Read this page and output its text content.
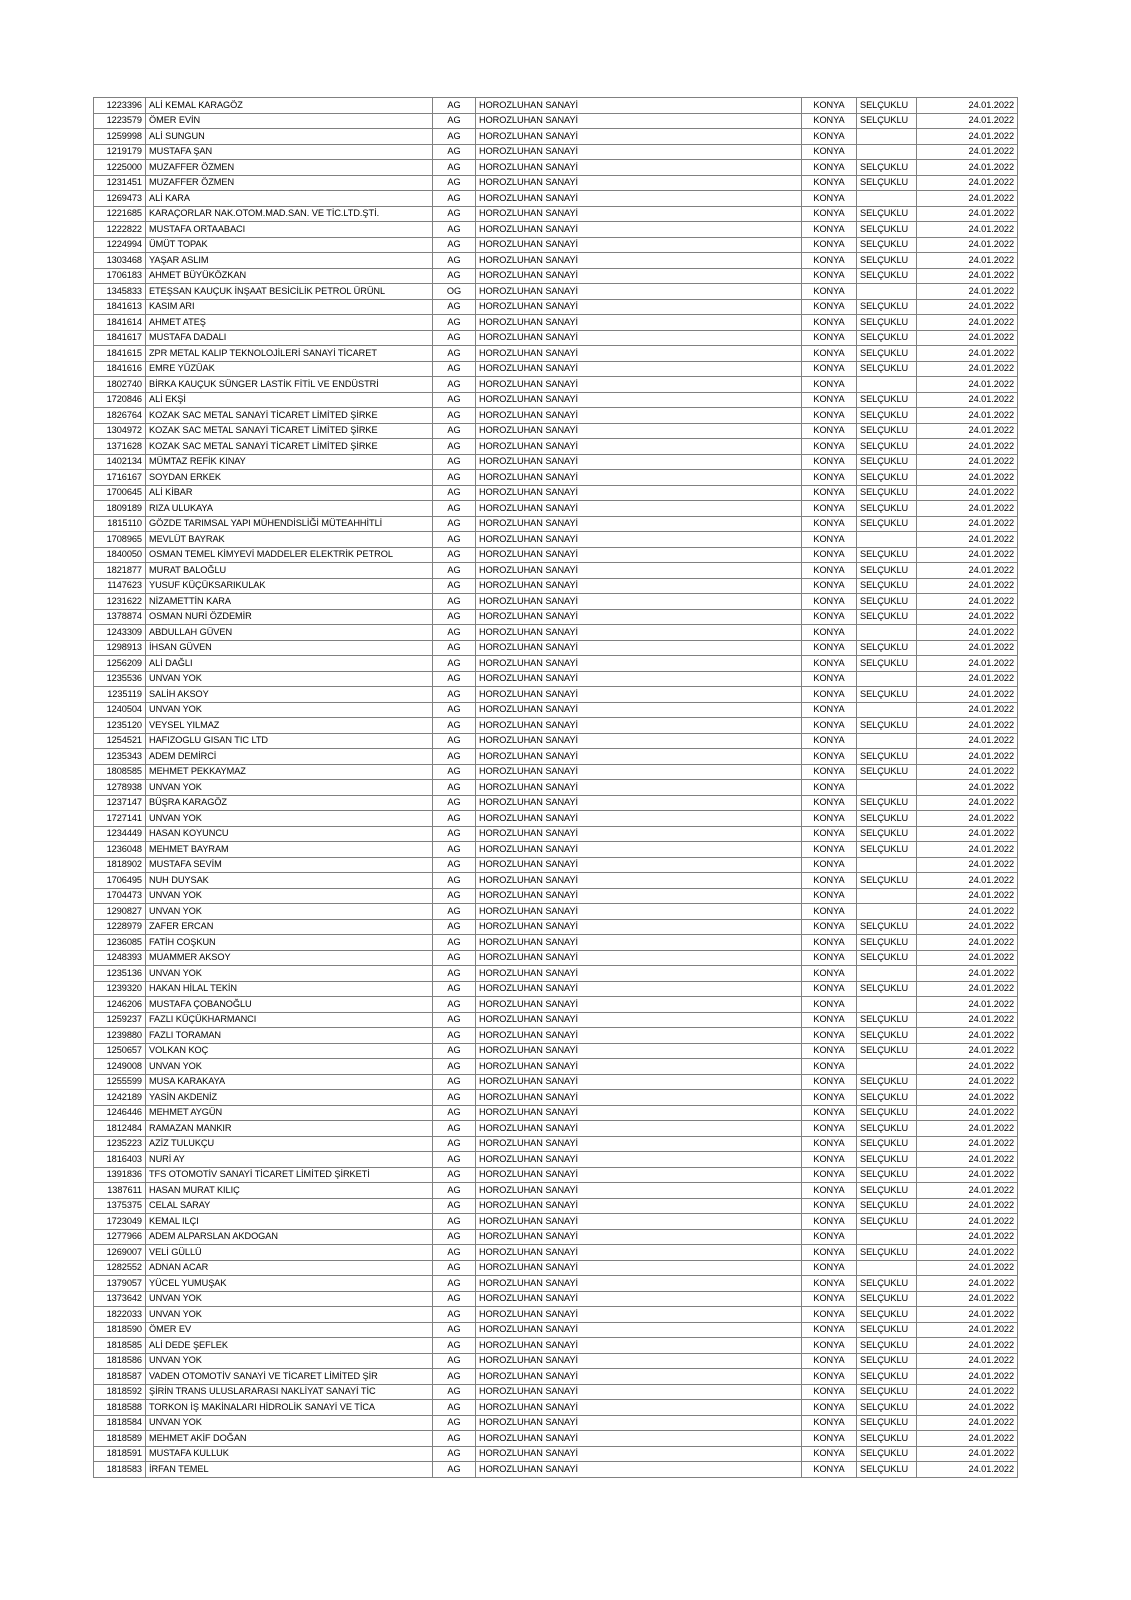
1223396	ALİ KEMAL KARAGÖZ	AG	HOROZLUHAN SANAYİ	KONYA	SELÇUKLU	24.01.2022
1223579	ÖMER EVİN	AG	HOROZLUHAN SANAYİ	KONYA	SELÇUKLU	24.01.2022
1259998	ALİ SUNGUN	AG	HOROZLUHAN SANAYİ	KONYA		24.01.2022
1219179	MUSTAFA ŞAN	AG	HOROZLUHAN SANAYİ	KONYA		24.01.2022
1225000	MUZAFFER ÖZMEN	AG	HOROZLUHAN SANAYİ	KONYA	SELÇUKLU	24.01.2022
1231451	MUZAFFER ÖZMEN	AG	HOROZLUHAN SANAYİ	KONYA	SELÇUKLU	24.01.2022
1269473	ALİ KARA	AG	HOROZLUHAN SANAYİ	KONYA		24.01.2022
1221685	KARAÇORLAR NAK.OTOM.MAD.SAN. VE TİC.LTD.ŞTİ.	AG	HOROZLUHAN SANAYİ	KONYA	SELÇUKLU	24.01.2022
1222822	MUSTAFA ORTAABACI	AG	HOROZLUHAN SANAYİ	KONYA	SELÇUKLU	24.01.2022
1224994	ÜMÜT TOPAK	AG	HOROZLUHAN SANAYİ	KONYA	SELÇUKLU	24.01.2022
1303468	YAŞAR ASLIM	AG	HOROZLUHAN SANAYİ	KONYA	SELÇUKLU	24.01.2022
1706183	AHMET BÜYÜKÖZKAN	AG	HOROZLUHAN SANAYİ	KONYA	SELÇUKLU	24.01.2022
1345833	ETEŞSAN KAUÇUK İNŞAAT BESİCİLİK PETROL ÜRÜNL	OG	HOROZLUHAN SANAYİ	KONYA		24.01.2022
1841613	KASIM ARI	AG	HOROZLUHAN SANAYİ	KONYA	SELÇUKLU	24.01.2022
1841614	AHMET ATEŞ	AG	HOROZLUHAN SANAYİ	KONYA	SELÇUKLU	24.01.2022
1841617	MUSTAFA DADALI	AG	HOROZLUHAN SANAYİ	KONYA	SELÇUKLU	24.01.2022
1841615	ZPR METAL KALIP TEKNOLOJİLERİ SANAYİ TİCARET	AG	HOROZLUHAN SANAYİ	KONYA	SELÇUKLU	24.01.2022
1841616	EMRE YÜZÜAK	AG	HOROZLUHAN SANAYİ	KONYA	SELÇUKLU	24.01.2022
1802740	BİRKA KAUÇUK SÜNGER LASTİK FİTİL VE ENDÜSTRİ	AG	HOROZLUHAN SANAYİ	KONYA		24.01.2022
1720846	ALİ EKŞİ	AG	HOROZLUHAN SANAYİ	KONYA	SELÇUKLU	24.01.2022
1826764	KOZAK SAC METAL SANAYİ TİCARET LİMİTED ŞİRKE	AG	HOROZLUHAN SANAYİ	KONYA	SELÇUKLU	24.01.2022
1304972	KOZAK SAC METAL SANAYİ TİCARET LİMİTED ŞİRKE	AG	HOROZLUHAN SANAYİ	KONYA	SELÇUKLU	24.01.2022
1371628	KOZAK SAC METAL SANAYİ TİCARET LİMİTED ŞİRKE	AG	HOROZLUHAN SANAYİ	KONYA	SELÇUKLU	24.01.2022
1402134	MÜMTAZ REFİK KINAY	AG	HOROZLUHAN SANAYİ	KONYA	SELÇUKLU	24.01.2022
1716167	SOYDAN ERKEK	AG	HOROZLUHAN SANAYİ	KONYA	SELÇUKLU	24.01.2022
1700645	ALİ KİBAR	AG	HOROZLUHAN SANAYİ	KONYA	SELÇUKLU	24.01.2022
1809189	RIZA ULUKAYA	AG	HOROZLUHAN SANAYİ	KONYA	SELÇUKLU	24.01.2022
1815110	GÖZDE TARIMSAL YAPI MÜHENDİSLİĞİ MÜTEAHHİTLİ	AG	HOROZLUHAN SANAYİ	KONYA	SELÇUKLU	24.01.2022
1708965	MEVLÜT BAYRAK	AG	HOROZLUHAN SANAYİ	KONYA		24.01.2022
1840050	OSMAN TEMEL KİMYEVİ MADDELER ELEKTRİK PETROL	AG	HOROZLUHAN SANAYİ	KONYA	SELÇUKLU	24.01.2022
1821877	MURAT BALOĞLU	AG	HOROZLUHAN SANAYİ	KONYA	SELÇUKLU	24.01.2022
1147623	YUSUF KÜÇÜKSARIKULAK	AG	HOROZLUHAN SANAYİ	KONYA	SELÇUKLU	24.01.2022
1231622	NİZAMETTİN KARA	AG	HOROZLUHAN SANAYİ	KONYA	SELÇUKLU	24.01.2022
1378874	OSMAN NURİ ÖZDEMİR	AG	HOROZLUHAN SANAYİ	KONYA	SELÇUKLU	24.01.2022
1243309	ABDULLAH GÜVEN	AG	HOROZLUHAN SANAYİ	KONYA		24.01.2022
1298913	İHSAN GÜVEN	AG	HOROZLUHAN SANAYİ	KONYA	SELÇUKLU	24.01.2022
1256209	ALİ DAĞLI	AG	HOROZLUHAN SANAYİ	KONYA	SELÇUKLU	24.01.2022
1235536	UNVAN YOK	AG	HOROZLUHAN SANAYİ	KONYA		24.01.2022
1235119	SALİH AKSOY	AG	HOROZLUHAN SANAYİ	KONYA	SELÇUKLU	24.01.2022
1240504	UNVAN YOK	AG	HOROZLUHAN SANAYİ	KONYA		24.01.2022
1235120	VEYSEL YILMAZ	AG	HOROZLUHAN SANAYİ	KONYA	SELÇUKLU	24.01.2022
1254521	HAFIZOGLU GISAN TIC LTD	AG	HOROZLUHAN SANAYİ	KONYA		24.01.2022
1235343	ADEM DEMİRCİ	AG	HOROZLUHAN SANAYİ	KONYA	SELÇUKLU	24.01.2022
1808585	MEHMET PEKKAYMAZ	AG	HOROZLUHAN SANAYİ	KONYA	SELÇUKLU	24.01.2022
1278938	UNVAN YOK	AG	HOROZLUHAN SANAYİ	KONYA		24.01.2022
1237147	BÜŞRA KARAGÖZ	AG	HOROZLUHAN SANAYİ	KONYA	SELÇUKLU	24.01.2022
1727141	UNVAN YOK	AG	HOROZLUHAN SANAYİ	KONYA	SELÇUKLU	24.01.2022
1234449	HASAN KOYUNCU	AG	HOROZLUHAN SANAYİ	KONYA	SELÇUKLU	24.01.2022
1236048	MEHMET BAYRAM	AG	HOROZLUHAN SANAYİ	KONYA	SELÇUKLU	24.01.2022
1818902	MUSTAFA SEVİM	AG	HOROZLUHAN SANAYİ	KONYA		24.01.2022
1706495	NUH DUYSAK	AG	HOROZLUHAN SANAYİ	KONYA	SELÇUKLU	24.01.2022
1704473	UNVAN YOK	AG	HOROZLUHAN SANAYİ	KONYA		24.01.2022
1290827	UNVAN YOK	AG	HOROZLUHAN SANAYİ	KONYA		24.01.2022
1228979	ZAFER ERCAN	AG	HOROZLUHAN SANAYİ	KONYA	SELÇUKLU	24.01.2022
1236085	FATİH COŞKUN	AG	HOROZLUHAN SANAYİ	KONYA	SELÇUKLU	24.01.2022
1248393	MUAMMER AKSOY	AG	HOROZLUHAN SANAYİ	KONYA	SELÇUKLU	24.01.2022
1235136	UNVAN YOK	AG	HOROZLUHAN SANAYİ	KONYA		24.01.2022
1239320	HAKAN HİLAL TEKİN	AG	HOROZLUHAN SANAYİ	KONYA	SELÇUKLU	24.01.2022
1246206	MUSTAFA ÇOBANOĞLU	AG	HOROZLUHAN SANAYİ	KONYA		24.01.2022
1259237	FAZLI KÜÇÜKHARMANCI	AG	HOROZLUHAN SANAYİ	KONYA	SELÇUKLU	24.01.2022
1239880	FAZLI TORAMAN	AG	HOROZLUHAN SANAYİ	KONYA	SELÇUKLU	24.01.2022
1250657	VOLKAN KOÇ	AG	HOROZLUHAN SANAYİ	KONYA	SELÇUKLU	24.01.2022
1249008	UNVAN YOK	AG	HOROZLUHAN SANAYİ	KONYA		24.01.2022
1255599	MUSA KARAKAYA	AG	HOROZLUHAN SANAYİ	KONYA	SELÇUKLU	24.01.2022
1242189	YASİN AKDENİZ	AG	HOROZLUHAN SANAYİ	KONYA	SELÇUKLU	24.01.2022
1246446	MEHMET AYGÜN	AG	HOROZLUHAN SANAYİ	KONYA	SELÇUKLU	24.01.2022
1812484	RAMAZAN MANKIR	AG	HOROZLUHAN SANAYİ	KONYA	SELÇUKLU	24.01.2022
1235223	AZİZ TULUKÇU	AG	HOROZLUHAN SANAYİ	KONYA	SELÇUKLU	24.01.2022
1816403	NURİ AY	AG	HOROZLUHAN SANAYİ	KONYA	SELÇUKLU	24.01.2022
1391836	TFS OTOMOTİV SANAYİ TİCARET LİMİTED ŞİRKETİ	AG	HOROZLUHAN SANAYİ	KONYA	SELÇUKLU	24.01.2022
1387611	HASAN MURAT KILIÇ	AG	HOROZLUHAN SANAYİ	KONYA	SELÇUKLU	24.01.2022
1375375	CELAL SARAY	AG	HOROZLUHAN SANAYİ	KONYA	SELÇUKLU	24.01.2022
1723049	KEMAL ILÇI	AG	HOROZLUHAN SANAYİ	KONYA	SELÇUKLU	24.01.2022
1277966	ADEM ALPARSLAN AKDOGAN	AG	HOROZLUHAN SANAYİ	KONYA		24.01.2022
1269007	VELİ GÜLLÜ	AG	HOROZLUHAN SANAYİ	KONYA	SELÇUKLU	24.01.2022
1282552	ADNAN ACAR	AG	HOROZLUHAN SANAYİ	KONYA		24.01.2022
1379057	YÜCEL YUMUŞAK	AG	HOROZLUHAN SANAYİ	KONYA	SELÇUKLU	24.01.2022
1373642	UNVAN YOK	AG	HOROZLUHAN SANAYİ	KONYA	SELÇUKLU	24.01.2022
1822033	UNVAN YOK	AG	HOROZLUHAN SANAYİ	KONYA	SELÇUKLU	24.01.2022
1818590	ÖMER EV	AG	HOROZLUHAN SANAYİ	KONYA	SELÇUKLU	24.01.2022
1818585	ALİ DEDE ŞEFLEK	AG	HOROZLUHAN SANAYİ	KONYA	SELÇUKLU	24.01.2022
1818586	UNVAN YOK	AG	HOROZLUHAN SANAYİ	KONYA	SELÇUKLU	24.01.2022
1818587	VADEN OTOMOTİV SANAYİ VE TİCARET LİMİTED ŞİR	AG	HOROZLUHAN SANAYİ	KONYA	SELÇUKLU	24.01.2022
1818592	ŞİRİN TRANS ULUSLARARASI NAKLİYAT SANAYİ TİC	AG	HOROZLUHAN SANAYİ	KONYA	SELÇUKLU	24.01.2022
1818588	TORKON İŞ MAKİNALARI HİDROLİK SANAYİ VE TİCA	AG	HOROZLUHAN SANAYİ	KONYA	SELÇUKLU	24.01.2022
1818584	UNVAN YOK	AG	HOROZLUHAN SANAYİ	KONYA	SELÇUKLU	24.01.2022
1818589	MEHMET AKİF DOĞAN	AG	HOROZLUHAN SANAYİ	KONYA	SELÇUKLU	24.01.2022
1818591	MUSTAFA KULLUK	AG	HOROZLUHAN SANAYİ	KONYA	SELÇUKLU	24.01.2022
1818583	İRFAN TEMEL	AG	HOROZLUHAN SANAYİ	KONYA	SELÇUKLU	24.01.2022
